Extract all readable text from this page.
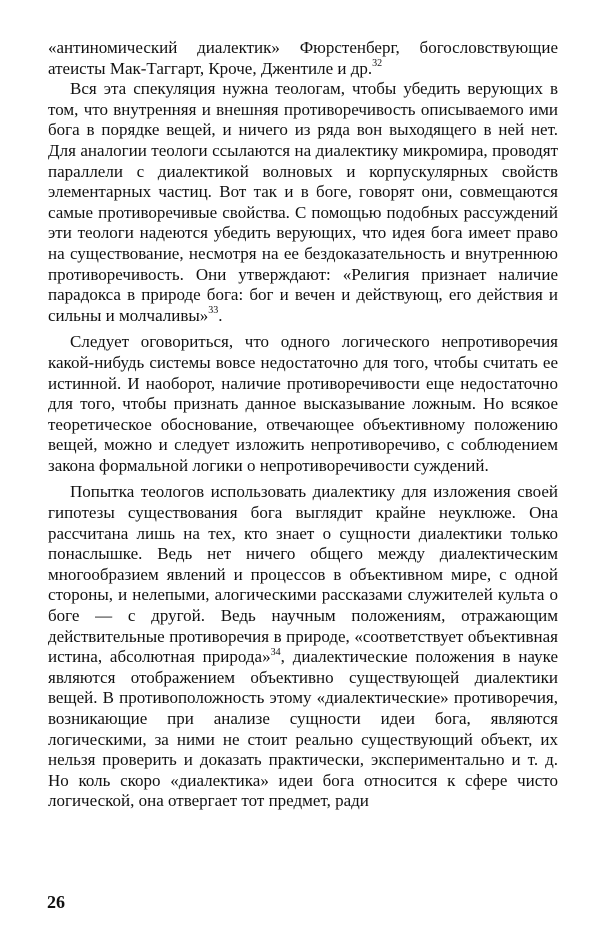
«антиномический диалектик» Фюрстенберг, богословствующие атеисты Мак-Таггарт, Кроче, Джентиле и др.$^{32}$

Вся эта спекуляция нужна теологам, чтобы убедить верующих в том, что внутренняя и внешняя противоречивость описываемого ими бога в порядке вещей, и ничего из ряда вон выходящего в ней нет. Для аналогии теологи ссылаются на диалектику микромира, проводят параллели с диалектикой волновых и корпускулярных свойств элементарных частиц. Вот так и в боге, говорят они, совмещаются самые противоречивые свойства. С помощью подобных рассуждений эти теологи надеются убедить верующих, что идея бога имеет право на существование, несмотря на ее бездоказательность и внутреннюю противоречивость. Они утверждают: «Религия признает наличие парадокса в природе бога: бог и вечен и действующ, его действия и сильны и молчаливы»$^{33}$.

Следует оговориться, что одного логического непротиворечия какой-нибудь системы вовсе недостаточно для того, чтобы считать ее истинной. И наоборот, наличие противоречивости еще недостаточно для того, чтобы признать данное высказывание ложным. Но всякое теоретическое обоснование, отвечающее объективному положению вещей, можно и следует изложить непротиворечиво, с соблюдением закона формальной логики о непротиворечивости суждений.

Попытка теологов использовать диалектику для изложения своей гипотезы существования бога выглядит крайне неуклюже. Она рассчитана лишь на тех, кто знает о сущности диалектики только понаслышке. Ведь нет ничего общего между диалектическим многообразием явлений и процессов в объективном мире, с одной стороны, и нелепыми, алогическими рассказами служителей культа о боге — с другой. Ведь научным положениям, отражающим действительные противоречия в природе, «соответствует объективная истина, абсолютная природа»$^{34}$, диалектические положения в науке являются отображением объективно существующей диалектики вещей. В противоположность этому «диалектические» противоречия, возникающие при анализе сущности идеи бога, являются логическими, за ними не стоит реально существующий объект, их нельзя проверить и доказать практически, экспериментально и т. д. Но коль скоро «диалектика» идеи бога относится к сфере чисто логической, она отвергает тот предмет, ради

26
